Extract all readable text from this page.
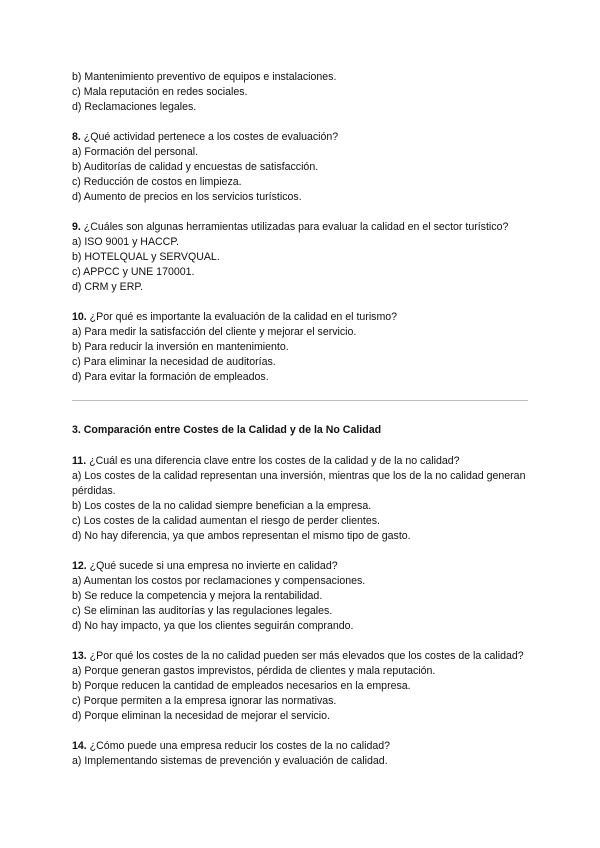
b) Mantenimiento preventivo de equipos e instalaciones.
c) Mala reputación en redes sociales.
d) Reclamaciones legales.
8. ¿Qué actividad pertenece a los costes de evaluación?
a) Formación del personal.
b) Auditorías de calidad y encuestas de satisfacción.
c) Reducción de costos en limpieza.
d) Aumento de precios en los servicios turísticos.
9. ¿Cuáles son algunas herramientas utilizadas para evaluar la calidad en el sector turístico?
a) ISO 9001 y HACCP.
b) HOTELQUAL y SERVQUAL.
c) APPCC y UNE 170001.
d) CRM y ERP.
10. ¿Por qué es importante la evaluación de la calidad en el turismo?
a) Para medir la satisfacción del cliente y mejorar el servicio.
b) Para reducir la inversión en mantenimiento.
c) Para eliminar la necesidad de auditorías.
d) Para evitar la formación de empleados.
3. Comparación entre Costes de la Calidad y de la No Calidad
11. ¿Cuál es una diferencia clave entre los costes de la calidad y de la no calidad?
a) Los costes de la calidad representan una inversión, mientras que los de la no calidad generan pérdidas.
b) Los costes de la no calidad siempre benefician a la empresa.
c) Los costes de la calidad aumentan el riesgo de perder clientes.
d) No hay diferencia, ya que ambos representan el mismo tipo de gasto.
12. ¿Qué sucede si una empresa no invierte en calidad?
a) Aumentan los costos por reclamaciones y compensaciones.
b) Se reduce la competencia y mejora la rentabilidad.
c) Se eliminan las auditorías y las regulaciones legales.
d) No hay impacto, ya que los clientes seguirán comprando.
13. ¿Por qué los costes de la no calidad pueden ser más elevados que los costes de la calidad?
a) Porque generan gastos imprevistos, pérdida de clientes y mala reputación.
b) Porque reducen la cantidad de empleados necesarios en la empresa.
c) Porque permiten a la empresa ignorar las normativas.
d) Porque eliminan la necesidad de mejorar el servicio.
14. ¿Cómo puede una empresa reducir los costes de la no calidad?
a) Implementando sistemas de prevención y evaluación de calidad.
